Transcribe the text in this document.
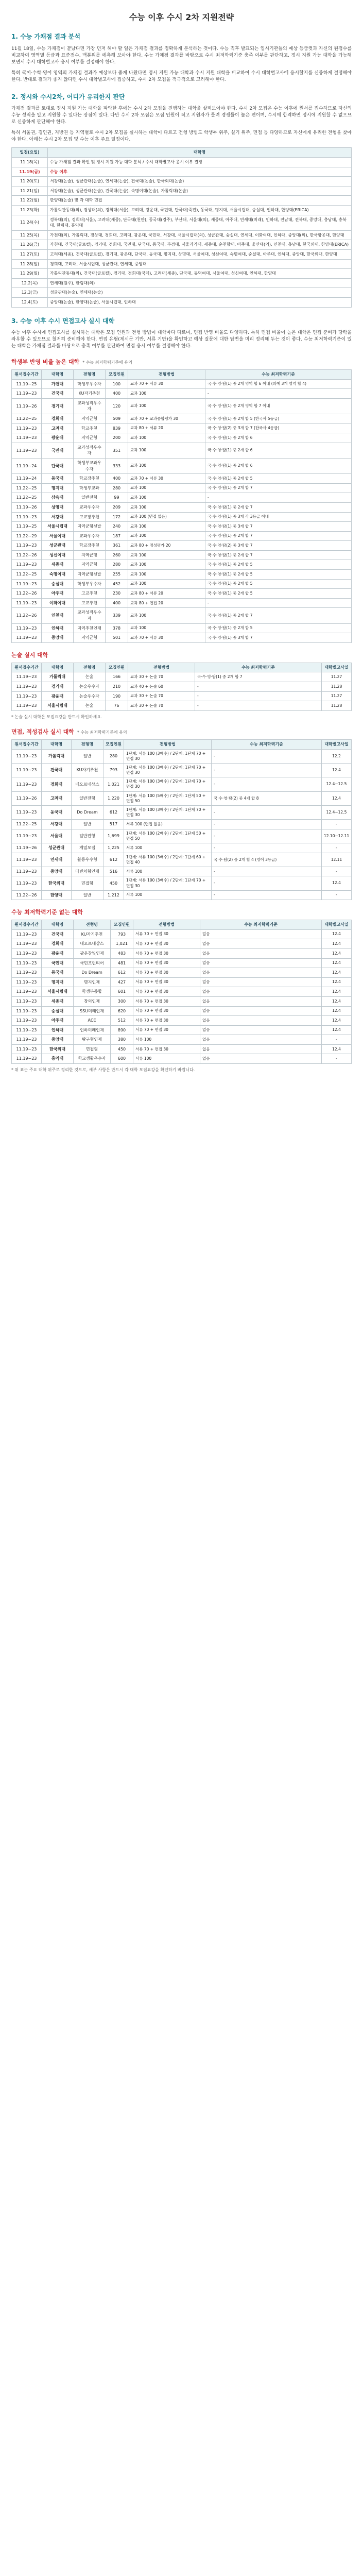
수능 이후 수시 2차 지원전략
1. 수능 가채점 결과 분석

11월 18일, 수능 가채점이 끝났다면 가장 먼저 해야 할 일은 가채점 결과를 정확하게 분석하는 것이다. 수능 직후 발표되는 입시기관들의 예상 등급컷과 자신의 원점수를 비교하여 영역별 등급과 표준점수, 백분위를 예측해 보아야 한다. 수능 가채점 결과를 바탕으로 수시 최저학력기준 충족 여부를 판단하고, 정시 지원 가능 대학을 가늠해 보면서 수시 대학별고사 응시 여부를 결정해야 한다.

특히 국어·수학·영어 영역의 가채점 결과가 예상보다 좋게 나왔다면 정시 지원 가능 대학과 수시 지원 대학을 비교하여 수시 대학별고사에 응시할지를 신중하게 결정해야 한다. 반대로 결과가 좋지 않다면 수시 대학별고사에 집중하고, 수시 2차 모집을 적극적으로 고려해야 한다.

2. 정시와 수시2차, 어디가 유리한지 판단

가채점 결과를 토대로 정시 지원 가능 대학을 파악한 후에는 수시 2차 모집을 진행하는 대학을 살펴보아야 한다. 수시 2차 모집은 수능 이후에 원서를 접수하므로 자신의 수능 성적을 알고 지원할 수 있다는 장점이 있다. 다만 수시 2차 모집은 모집 인원이 적고 지원자가 몰려 경쟁률이 높은 편이며, 수시에 합격하면 정시에 지원할 수 없으므로 신중하게 판단해야 한다.

특히 서울권, 경인권, 지방권 등 지역별로 수시 2차 모집을 실시하는 대학이 다르고 전형 방법도 학생부 위주, 실기 위주, 면접 등 다양하므로 자신에게 유리한 전형을 찾아야 한다. 아래는 수시 2차 모집 및 수능 이후 주요 일정이다.

일정(요일)	대학명
11.18(목)	수능 가채점 결과 확인 및 정시 지원 가능 대학 분석 / 수시 대학별고사 응시 여부 결정
11.19(금)	수능 이후
11.20(토)	서강대(논술), 성균관대(논술), 연세대(논술), 건국대(논술), 한국외대(논술)
11.21(일)	서강대(논술), 성균관대(논술), 건국대(논술), 숙명여대(논술), 가톨릭대(논술)
11.22(월)	한양대(논술) 및 각 대학 면접
11.23(화)	가톨릭관동대(의), 경상대(의), 경희대(서울), 고려대, 광운대, 국민대, 단국대(죽전), 동국대, 명지대, 서울시립대, 숭실대, 인하대, 한양대(ERICA)
11.24(수)	경북대(의), 경희대(서울), 고려대(세종), 단국대(천안), 동국대(경주), 부산대, 서울대(의), 세종대, 아주대, 연세대(미래), 인하대, 전남대, 전북대, 중앙대, 충남대, 충북대, 한림대, 홍익대
11.25(목)	가천대(의), 가톨릭대, 경상대, 경희대, 고려대, 광운대, 국민대, 서강대, 서울시립대(의), 성균관대, 숭실대, 연세대, 이화여대, 인하대, 중앙대(의), 한국항공대, 한양대
11.26(금)	가천대, 건국대(글로컬), 경기대, 경희대, 국민대, 단국대, 동국대, 부경대, 서울과기대, 세종대, 순천향대, 아주대, 울산대(의), 인천대, 충남대, 한국외대, 한양대(ERICA)
11.27(토)	고려대(세종), 건국대(글로컬), 경기대, 광운대, 단국대, 동국대, 명지대, 상명대, 서울여대, 성신여대, 숙명여대, 숭실대, 아주대, 인하대, 중앙대, 한국외대, 한양대
11.28(일)	경희대, 고려대, 서울시립대, 성균관대, 연세대, 중앙대
11.29(월)	가톨릭관동대(의), 건국대(글로컬), 경기대, 경희대(국제), 고려대(세종), 단국대, 동덕여대, 서울여대, 성신여대, 인하대, 한양대
12.2(목)	연세대(원주), 한림대(의)
12.3(금)	성균관대(논술), 연세대(논술)
12.4(토)	중앙대(논술), 한양대(논술), 서울시립대, 인하대
3. 수능 이후 수시 면접고사 실시 대학

수능 이후 수시에 면접고사를 실시하는 대학은 모집 인원과 전형 방법이 대학마다 다르며, 면접 반영 비율도 다양하다. 특히 면접 비율이 높은 대학은 면접 준비가 당락을 좌우할 수 있으므로 철저히 준비해야 한다. 면접 유형(제시문 기반, 서류 기반)을 확인하고 예상 질문에 대한 답변을 미리 정리해 두는 것이 좋다. 수능 최저학력기준이 있는 대학은 가채점 결과를 바탕으로 충족 여부를 판단하여 면접 응시 여부를 결정해야 한다.

학생부 반영 비율 높은 대학 * 수능 최저학력기준에 유의
원서접수기간	대학명	전형명	모집인원	전형방법	수능 최저학력기준
11.19~25	가천대	학생부우수자	100	교과 70 + 서류 30	국·수·영·탐(1) 중 2개 영역 합 6 이내 (의예 3개 영역 합 4)
11.19~23	건국대	KU자기추천	400	교과 100	-
11.19~26	경기대	교과성적우수자	120	교과 100	국·수·영·탐(1) 중 2개 영역 합 7 이내
11.22~25	경희대	지역균형	509	교과 70 + 교과종합평가 30	국·수·영·탐(1) 중 2개 합 5 (한국사 5등급)
11.19~23	고려대	학교추천	839	교과 80 + 서류 20	국·수·영·탐(2) 중 3개 합 7 (한국사 4등급)
11.19~23	광운대	지역균형	200	교과 100	국·수·영·탐(1) 중 2개 합 6
11.19~23	국민대	교과성적우수자	351	교과 100	국·수·영·탐(1) 중 2개 합 6
11.19~24	단국대	학생부교과우수자	333	교과 100	국·수·영·탐(1) 중 2개 합 6
11.19~24	동국대	학교장추천	400	교과 70 + 서류 30	국·수·영·탐(1) 중 2개 합 5
11.22~25	명지대	학생부교과	280	교과 100	국·수·영·탐(1) 중 2개 합 7
11.22~25	삼육대	일반전형	99	교과 100	-
11.19~26	상명대	교과우수자	209	교과 100	국·수·영·탐(1) 중 2개 합 7
11.19~23	서강대	고교장추천	172	교과 100 (면접 없음)	국·수·영·탐(1) 중 3개 각 3등급 이내
11.19~25	서울시립대	지역균형선발	240	교과 100	국·수·영·탐(1) 중 3개 합 7
11.22~29	서울여대	교과우수자	187	교과 100	국·수·영·탐(1) 중 2개 합 7
11.19~23	성균관대	학교장추천	361	교과 80 + 정성평가 20	국·수·영·탐(2) 중 3개 합 7
11.22~26	성신여대	지역균형	260	교과 100	국·수·영·탐(1) 중 2개 합 7
11.19~23	세종대	지역균형	280	교과 100	국·수·영·탐(1) 중 2개 합 5
11.22~25	숙명여대	지역균형선발	255	교과 100	국·수·영·탐(1) 중 2개 합 5
11.19~23	숭실대	학생부우수자	452	교과 100	국·수·영·탐(1) 중 2개 합 5
11.22~26	아주대	고교추천	230	교과 80 + 서류 20	국·수·영·탐(1) 중 2개 합 5
11.19~23	이화여대	고교추천	400	교과 80 + 면접 20	-
11.22~26	인천대	교과성적우수자	339	교과 100	국·수·영·탐(1) 중 2개 합 7
11.19~23	인하대	지역추천인재	378	교과 100	국·수·영·탐(1) 중 2개 합 5
11.19~23	중앙대	지역균형	501	교과 70 + 서류 30	국·수·영·탐(1) 중 3개 합 7
논술 실시 대학
원서접수기간	대학명	전형명	모집인원	전형방법	수능 최저학력기준	대학별고사일
11.19~23	가톨릭대	논술	166	교과 30 + 논술 70	국·수·영·탐(1) 중 2개 합 7	11.27
11.19~23	경기대	논술우수자	210	교과 40 + 논술 60	-	11.28
11.19~23	광운대	논술우수자	190	교과 30 + 논술 70	-	11.27
11.19~23	서울시립대	논술	76	교과 30 + 논술 70	-	11.28
* 논술 실시 대학은 모집요강을 반드시 확인하세요.
면접, 적성검사 실시 대학 * 수능 최저학력기준에 유의
원서접수기간	대학명	전형명	모집인원	전형방법	수능 최저학력기준	대학별고사일
11.19~23	가톨릭대	일반	280	1단계: 서류 100 (3배수) / 2단계: 1단계 70 + 면접 30	-	12.2
11.19~23	건국대	KU자기추천	793	1단계: 서류 100 (3배수) / 2단계: 1단계 70 + 면접 30	-	12.4
11.19~23	경희대	네오르네상스	1,021	1단계: 서류 100 (3배수) / 2단계: 1단계 70 + 면접 30	-	12.4~12.5
11.19~26	고려대	일반전형	1,220	1단계: 서류 100 (5배수) / 2단계: 1단계 50 + 면접 50	국·수·영·탐(2) 중 4개 합 8	12.4
11.19~23	동국대	Do Dream	612	1단계: 서류 100 (3배수) / 2단계: 1단계 70 + 면접 30	-	12.4~12.5
11.22~25	서강대	일반	517	서류 100 (면접 없음)	-	-
11.19~23	서울대	일반전형	1,699	1단계: 서류 100 (2배수) / 2단계: 1단계 50 + 면접 50	-	12.10~12.11
11.19~26	성균관대	계열모집	1,225	서류 100	-	-
11.19~23	연세대	활동우수형	612	1단계: 서류 100 (3배수) / 2단계: 1단계 60 + 면접 40	국·수·탐(2) 중 2개 합 4 (영어 3등급)	12.11
11.19~23	중앙대	다빈치형인재	516	서류 100	-	-
11.19~23	한국외대	면접형	450	1단계: 서류 100 (3배수) / 2단계: 1단계 70 + 면접 30	-	12.4
11.22~26	한양대	일반	1,212	서류 100	-	-
수능 최저학력기준 없는 대학
원서접수기간	대학명	전형명	모집인원	전형방법	수능 최저학력기준	대학별고사일
11.19~23	건국대	KU자기추천	793	서류 70 + 면접 30	없음	12.4
11.19~23	경희대	네오르네상스	1,021	서류 70 + 면접 30	없음	12.4
11.19~23	광운대	광운참빛인재	483	서류 70 + 면접 30	없음	12.4
11.19~23	국민대	국민프런티어	481	서류 70 + 면접 30	없음	12.4
11.19~23	동국대	Do Dream	612	서류 70 + 면접 30	없음	12.4
11.19~23	명지대	명지인재	427	서류 70 + 면접 30	없음	12.4
11.19~23	서울시립대	학생부종합	601	서류 70 + 면접 30	없음	12.4
11.19~23	세종대	창의인재	300	서류 70 + 면접 30	없음	12.4
11.19~23	숭실대	SSU미래인재	620	서류 70 + 면접 30	없음	12.4
11.19~23	아주대	ACE	512	서류 70 + 면접 30	없음	12.4
11.19~23	인하대	인하미래인재	890	서류 70 + 면접 30	없음	12.4
11.19~23	중앙대	탐구형인재	380	서류 100	없음	-
11.19~23	한국외대	면접형	450	서류 70 + 면접 30	없음	12.4
11.19~23	홍익대	학교생활우수자	600	서류 100	없음	-
* 위 표는 주요 대학 위주로 정리한 것으로, 세부 사항은 반드시 각 대학 모집요강을 확인하기 바랍니다.
